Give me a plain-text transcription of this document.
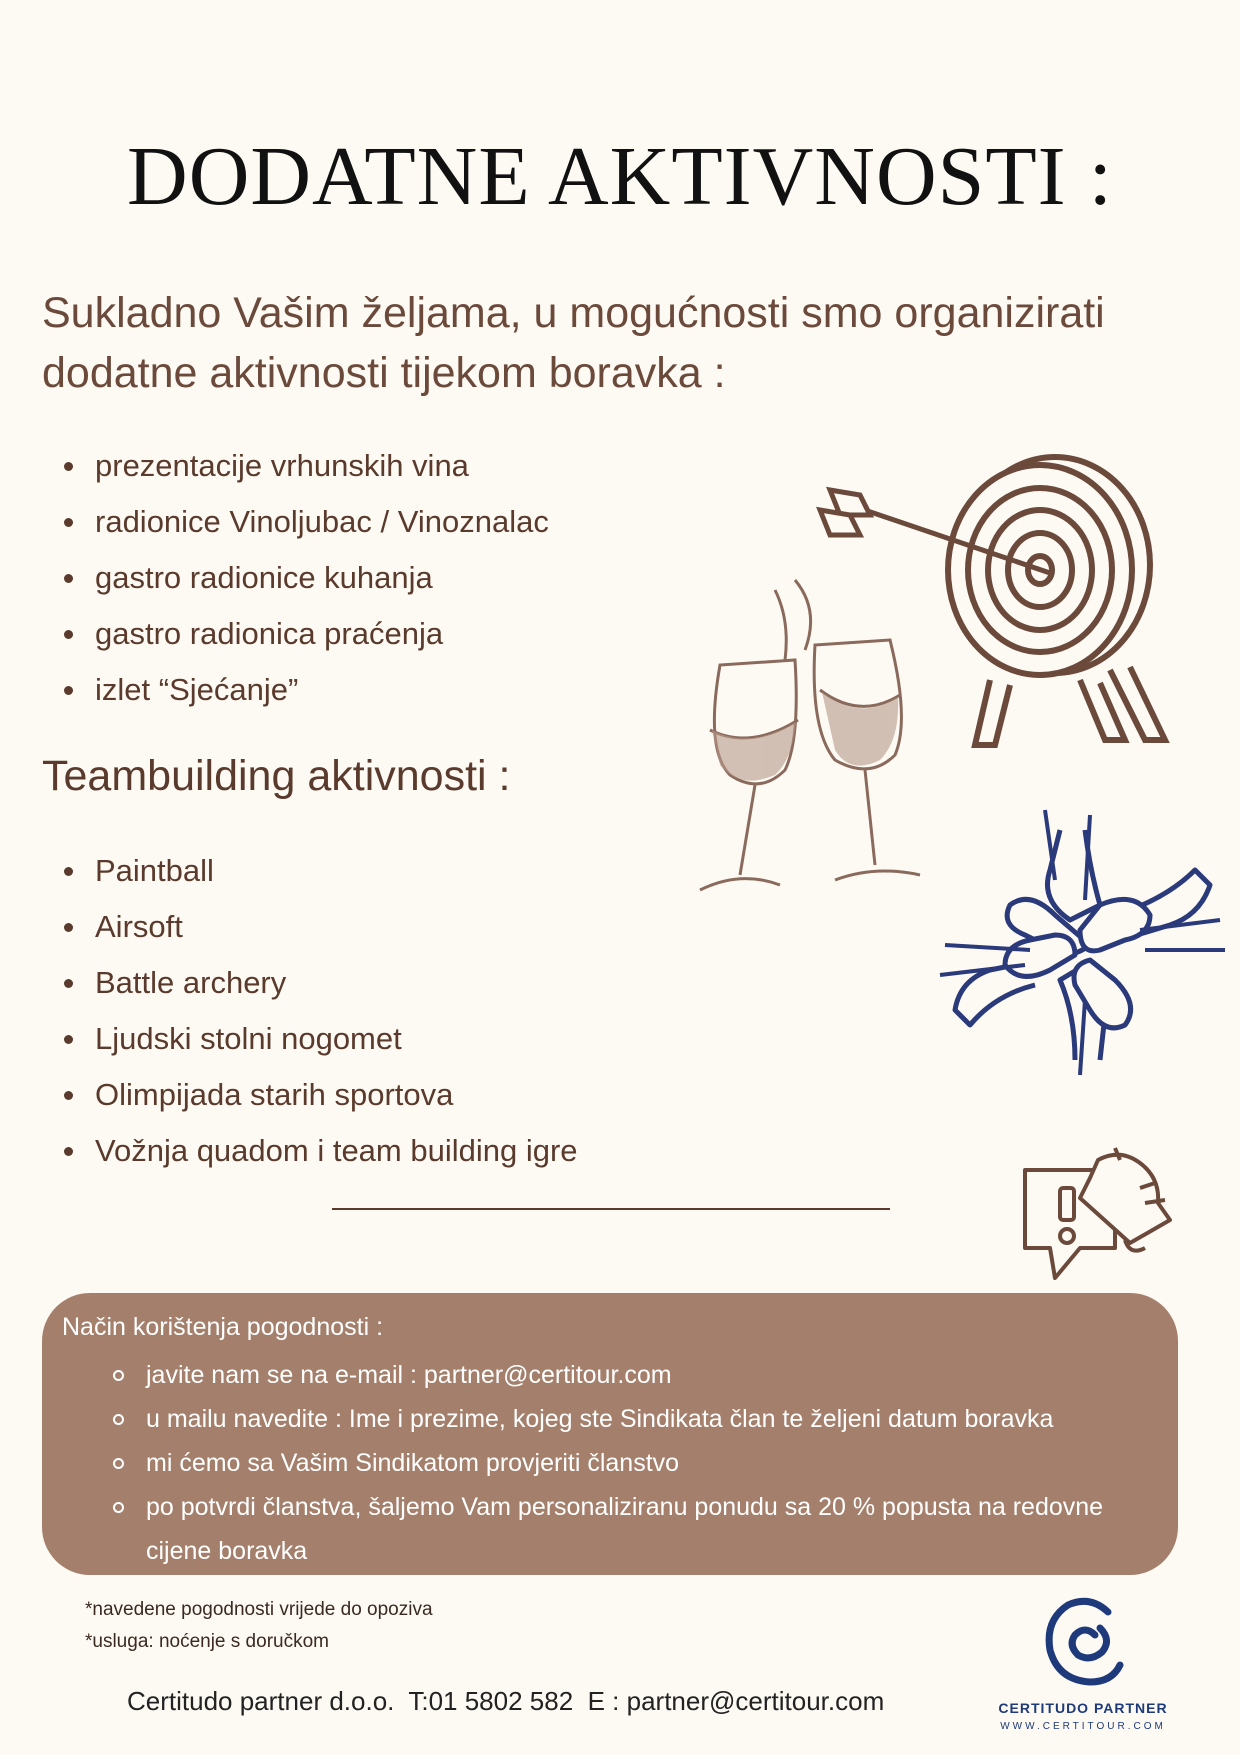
DODATNE AKTIVNOSTI :

Sukladno Vašim željama, u mogućnosti smo organizirati dodatne aktivnosti tijekom boravka :

prezentacije vrhunskih vina
radionice Vinoljubac / Vinoznalac
gastro radionice kuhanja
gastro radionica praćenja
izlet “Sjećanje”
Teambuilding aktivnosti :
Paintball
Airsoft
Battle archery
Ljudski stolni nogomet
Olimpijada starih sportova
Vožnja quadom i team building igre
Način korištenja pogodnosti :
javite nam se na e-mail : partner@certitour.com
u mailu navedite : Ime i prezime, kojeg ste Sindikata član te željeni datum boravka
mi ćemo sa Vašim Sindikatom provjeriti članstvo
po potvrdi članstva, šaljemo Vam personaliziranu ponudu sa 20 % popusta na redovne cijene boravka
*navedene pogodnosti vrijede do opoziva
*usluga: noćenje s doručkom
Certitudo partner d.o.o.  T:01 5802 582  E : partner@certitour.com	CERTITUDO PARTNER
WWW.CERTITOUR.COM
